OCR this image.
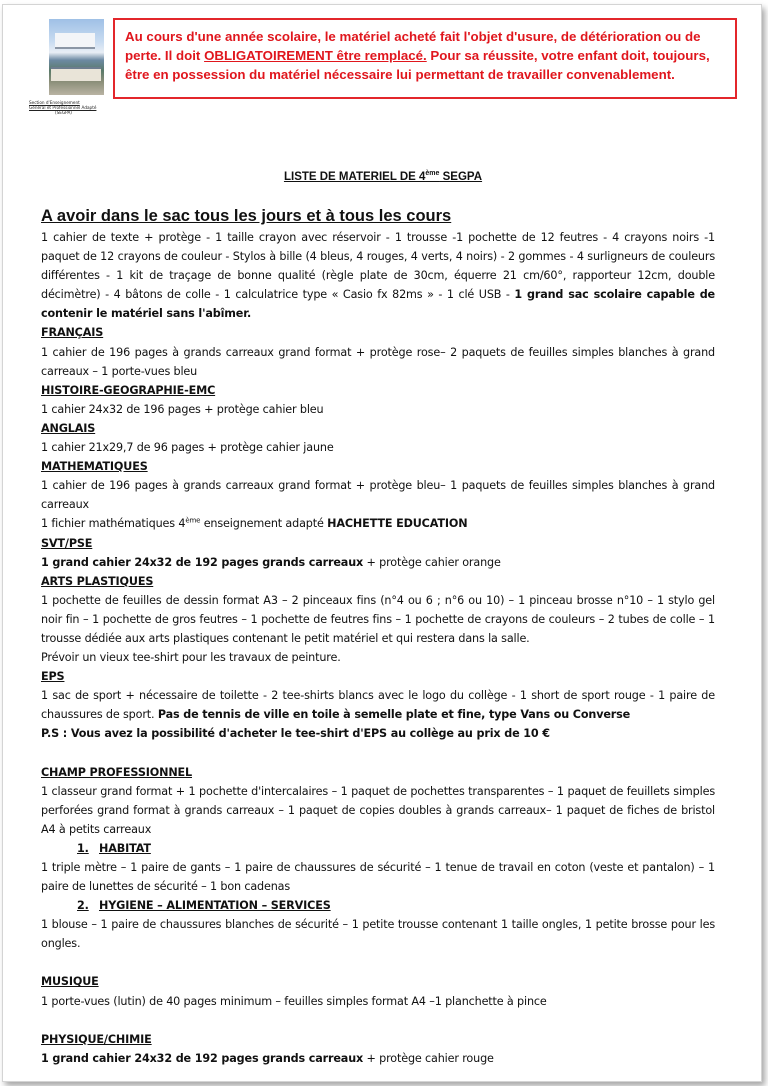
Section d'Enseignement
Général et Professionnel Adapté
(SEGPA)
Au cours d'une année scolaire, le matériel acheté fait l'objet d'usure, de détérioration ou de perte. Il doit OBLIGATOIREMENT être remplacé. Pour sa réussite, votre enfant doit, toujours, être en possession du matériel nécessaire lui permettant de travailler convenablement.
LISTE DE MATERIEL DE 4ème SEGPA
A avoir dans le sac tous les jours et à tous les cours
1 cahier de texte + protège - 1 taille crayon avec réservoir - 1 trousse -1 pochette de 12 feutres - 4 crayons noirs -1 paquet de 12 crayons de couleur - Stylos à bille (4 bleus, 4 rouges, 4 verts, 4 noirs) - 2 gommes - 4 surligneurs de couleurs différentes - 1 kit de traçage de bonne qualité (règle plate de 30cm, équerre 21 cm/60°, rapporteur 12cm, double décimètre) - 4 bâtons de colle - 1 calculatrice type « Casio fx 82ms » - 1 clé USB - 1 grand sac scolaire capable de contenir le matériel sans l'abîmer.
FRANÇAIS
1 cahier de 196 pages à grands carreaux grand format + protège rose– 2 paquets de feuilles simples blanches à grand carreaux – 1 porte-vues bleu
HISTOIRE-GEOGRAPHIE-EMC
1 cahier 24x32 de 196 pages + protège cahier bleu
ANGLAIS
1 cahier 21x29,7 de 96 pages + protège cahier jaune
MATHEMATIQUES
1 cahier de 196 pages à grands carreaux grand format + protège bleu– 1 paquets de feuilles simples blanches à grand carreaux
1 fichier mathématiques 4ème enseignement adapté HACHETTE EDUCATION
SVT/PSE
1 grand cahier 24x32 de 192 pages grands carreaux + protège cahier orange
ARTS PLASTIQUES
1 pochette de feuilles de dessin format A3 – 2 pinceaux fins (n°4 ou 6 ; n°6 ou 10) – 1 pinceau brosse n°10 – 1 stylo gel noir fin – 1 pochette de gros feutres – 1 pochette de feutres fins – 1 pochette de crayons de couleurs – 2 tubes de colle – 1 trousse dédiée aux arts plastiques contenant le petit matériel et qui restera dans la salle.
Prévoir un vieux tee-shirt pour les travaux de peinture.
EPS
1 sac de sport + nécessaire de toilette - 2 tee-shirts blancs avec le logo du collège - 1 short de sport rouge - 1 paire de chaussures de sport. Pas de tennis de ville en toile à semelle plate et fine, type Vans ou Converse
P.S : Vous avez la possibilité d'acheter le tee-shirt d'EPS au collège au prix de 10 €
CHAMP PROFESSIONNEL
1 classeur grand format + 1 pochette d'intercalaires – 1 paquet de pochettes transparentes – 1 paquet de feuillets simples perforées grand format à grands carreaux – 1 paquet de copies doubles à grands carreaux– 1 paquet de fiches de bristol A4 à petits carreaux
1. HABITAT
1 triple mètre – 1 paire de gants – 1 paire de chaussures de sécurité – 1 tenue de travail en coton (veste et pantalon) – 1 paire de lunettes de sécurité – 1 bon cadenas
2. HYGIENE – ALIMENTATION – SERVICES
1 blouse – 1 paire de chaussures blanches de sécurité – 1 petite trousse contenant 1 taille ongles, 1 petite brosse pour les ongles.
MUSIQUE
1 porte-vues (lutin) de 40 pages minimum – feuilles simples format A4 –1 planchette à pince
PHYSIQUE/CHIMIE
1 grand cahier 24x32 de 192 pages grands carreaux + protège cahier rouge
